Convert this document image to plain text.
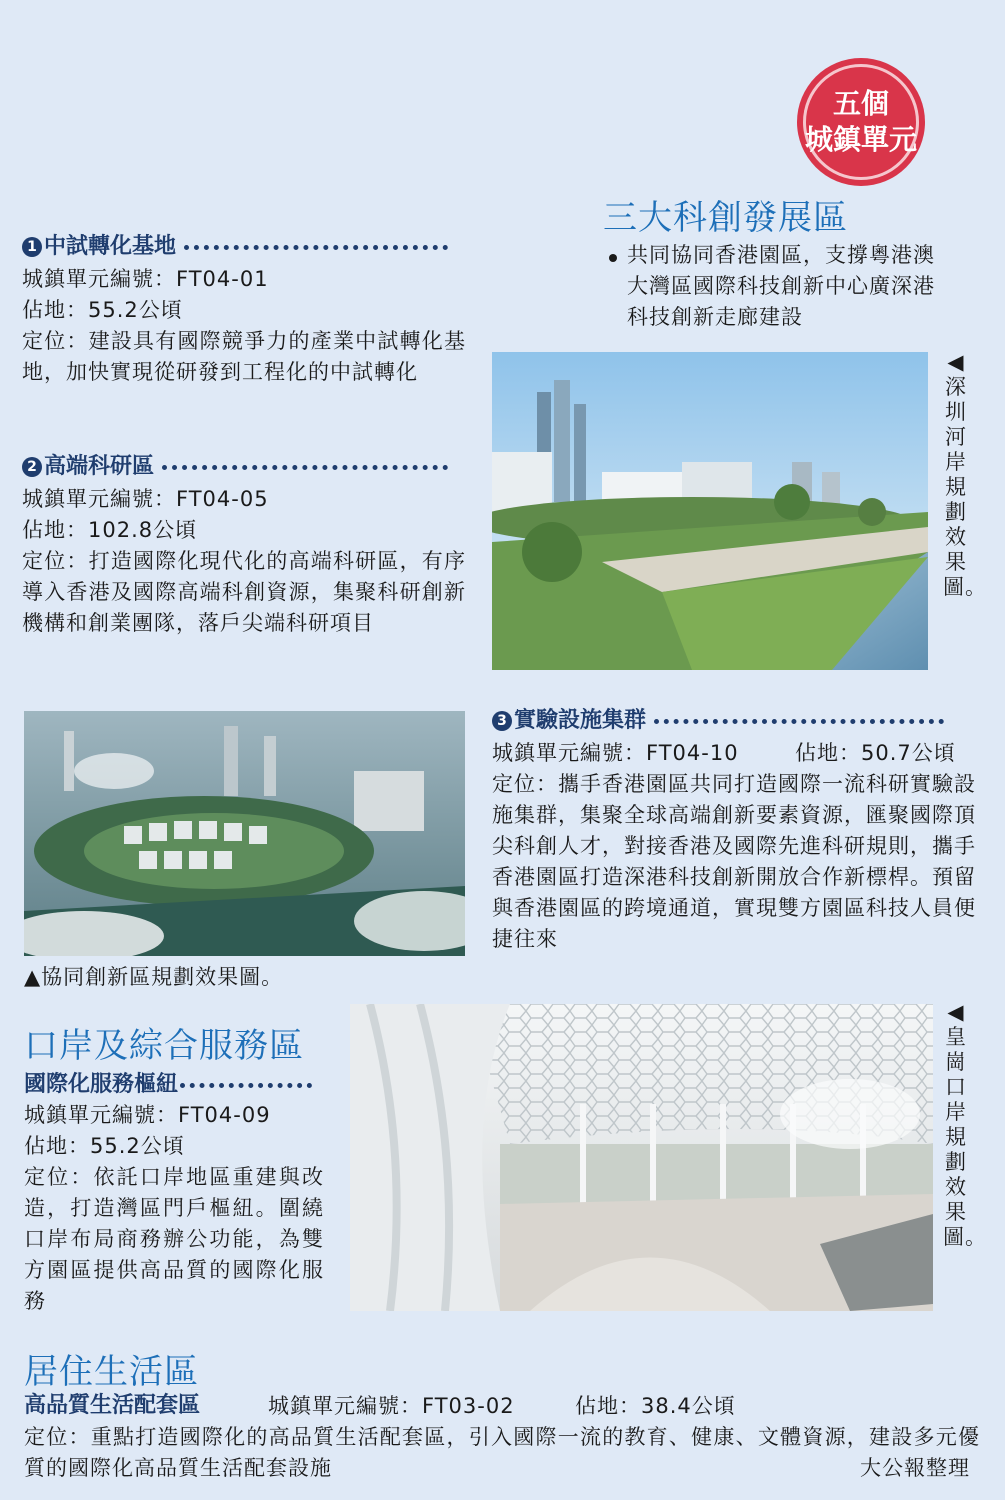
五個
城鎮單元
三大科創發展區
共同協同香港園區，支撐粵港澳大灣區國際科技創新中心廣深港科技創新走廊建設
1 中試轉化基地
城鎮單元編號：FT04-01
佔地：55.2公頃
定位：建設具有國際競爭力的產業中試轉化基地，加快實現從研發到工程化的中試轉化
2 高端科研區
城鎮單元編號：FT04-05
佔地：102.8公頃
定位：打造國際化現代化的高端科研區，有序導入香港及國際高端科創資源，集聚科研創新機構和創業團隊，落戶尖端科研項目
◀深圳河岸規劃效果圖。
▲協同創新區規劃效果圖。
3 實驗設施集群
城鎮單元編號：FT04-10	佔地：50.7公頃
定位：攜手香港園區共同打造國際一流科研實驗設施集群，集聚全球高端創新要素資源，匯聚國際頂尖科創人才，對接香港及國際先進科研規則，攜手香港園區打造深港科技創新開放合作新標桿。預留與香港園區的跨境通道，實現雙方園區科技人員便捷往來
口岸及綜合服務區
國際化服務樞紐
城鎮單元編號：FT04-09
佔地：55.2公頃
定位：依託口岸地區重建與改造，打造灣區門戶樞紐。圍繞口岸布局商務辦公功能，為雙方園區提供高品質的國際化服務
◀皇崗口岸規劃效果圖。
居住生活區
高品質生活配套區	城鎮單元編號：FT03-02	佔地：38.4公頃
定位：重點打造國際化的高品質生活配套區，引入國際一流的教育、健康、文體資源，建設多元優質的國際化高品質生活配套設施	大公報整理
